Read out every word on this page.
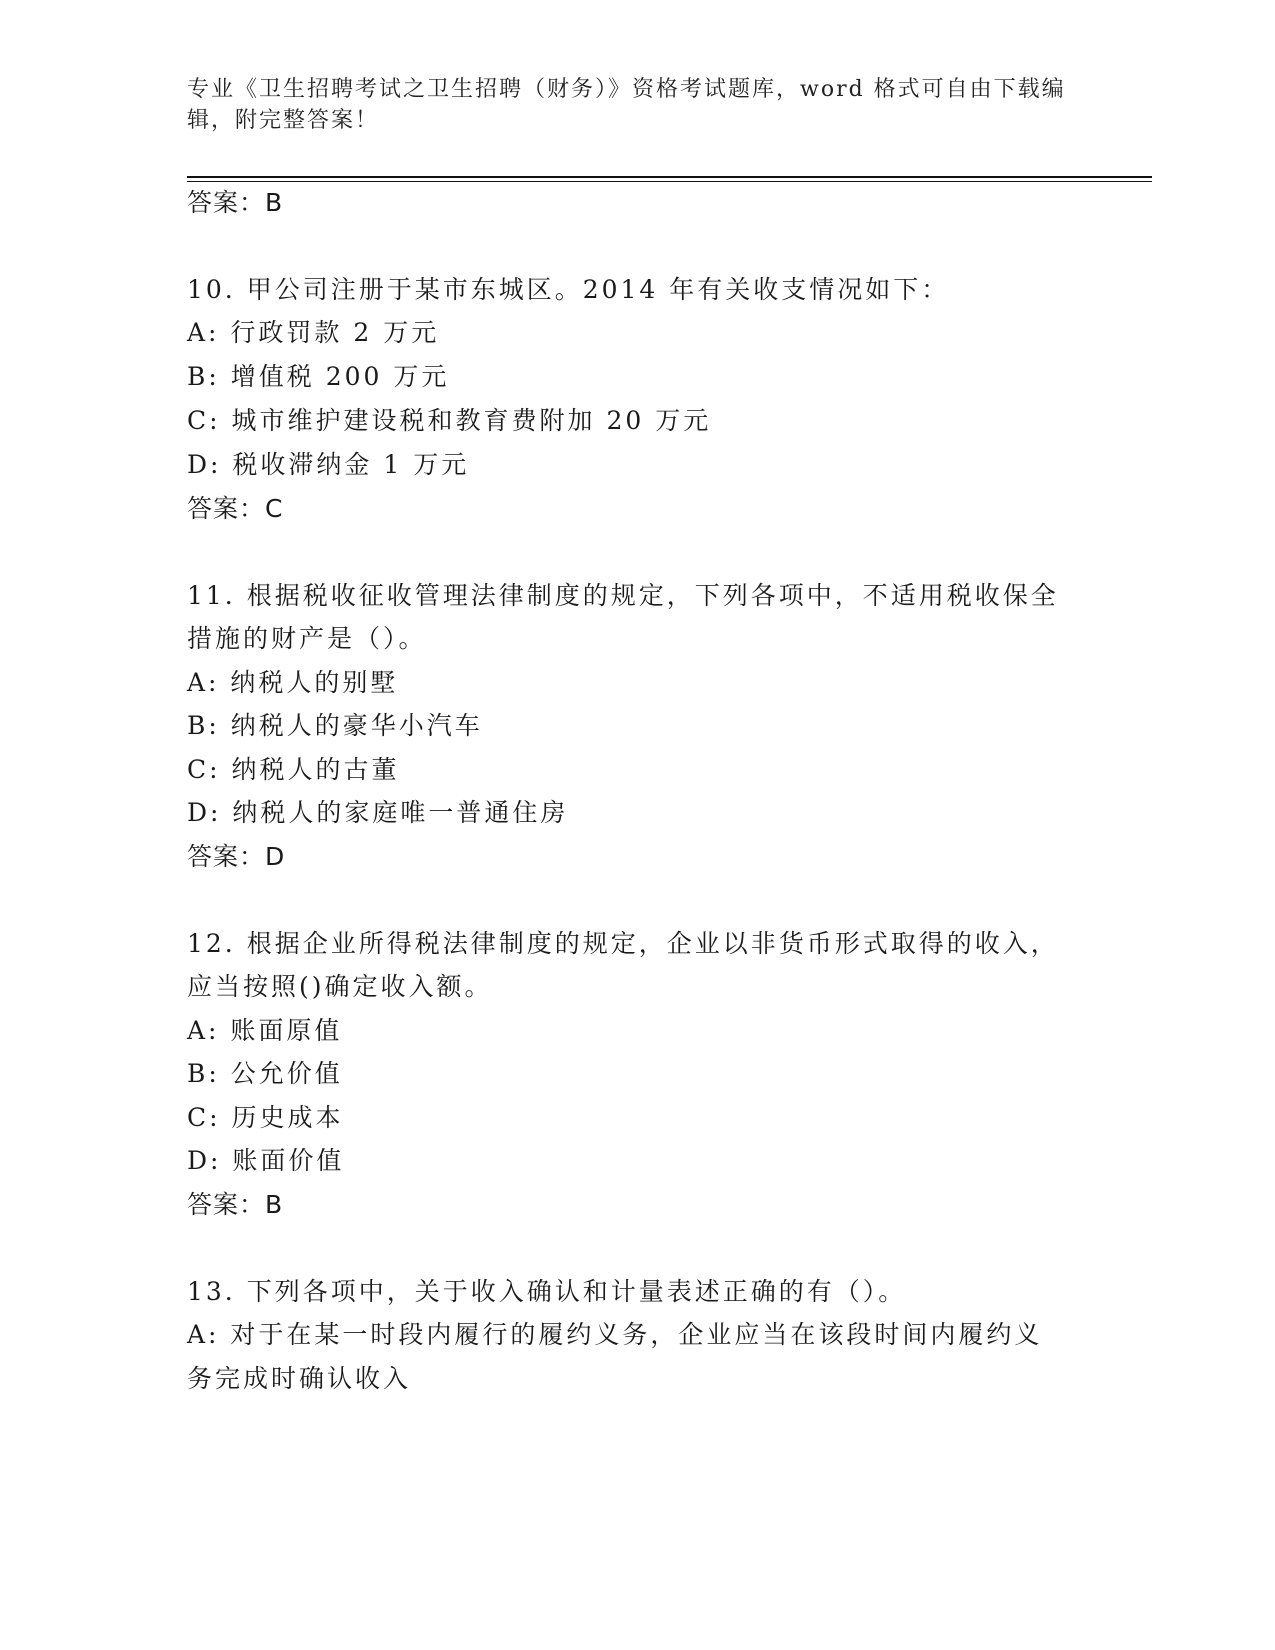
专业《卫生招聘考试之卫生招聘（财务）》资格考试题库，word 格式可自由下载编辑，附完整答案！
答案：B
10. 甲公司注册于某市东城区。2014 年有关收支情况如下：
A: 行政罚款 2 万元
B: 增值税 200 万元
C: 城市维护建设税和教育费附加 20 万元
D: 税收滞纳金 1 万元
答案：C
11. 根据税收征收管理法律制度的规定，下列各项中，不适用税收保全
措施的财产是（）。
A: 纳税人的别墅
B: 纳税人的豪华小汽车
C: 纳税人的古董
D: 纳税人的家庭唯一普通住房
答案：D
12. 根据企业所得税法律制度的规定，企业以非货币形式取得的收入，
应当按照()确定收入额。
A: 账面原值
B: 公允价值
C: 历史成本
D: 账面价值
答案：B
13. 下列各项中，关于收入确认和计量表述正确的有（）。
A: 对于在某一时段内履行的履约义务，企业应当在该段时间内履约义
务完成时确认收入
